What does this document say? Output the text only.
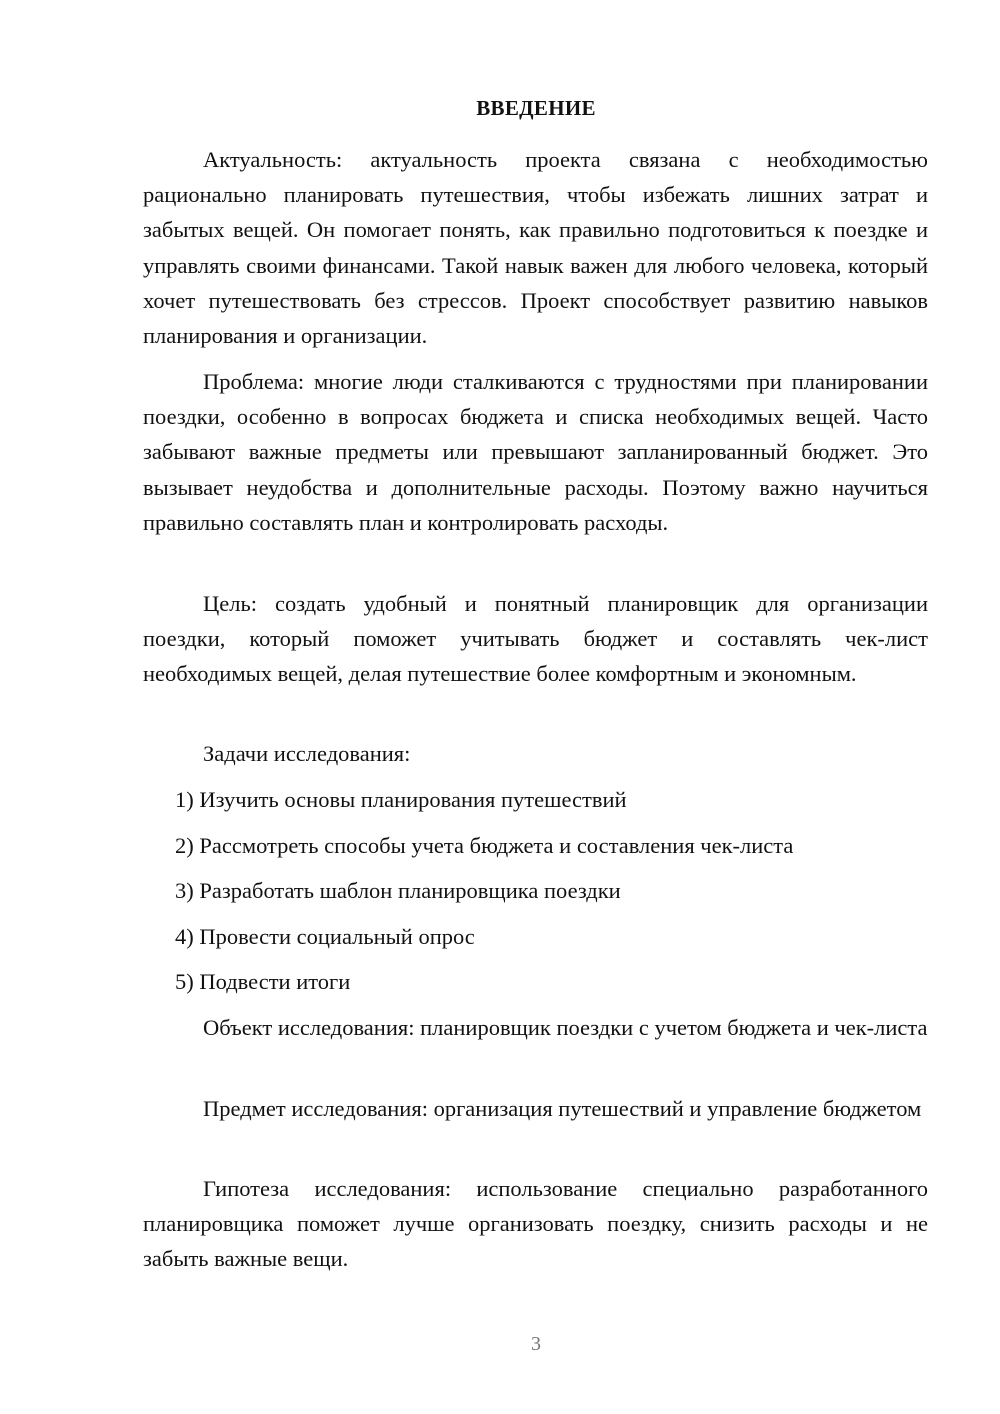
ВВЕДЕНИЕ

Актуальность: актуальность проекта связана с необходимостью рационально планировать путешествия, чтобы избежать лишних затрат и забытых вещей. Он помогает понять, как правильно подготовиться к поездке и управлять своими финансами. Такой навык важен для любого человека, который хочет путешествовать без стрессов. Проект способствует развитию навыков планирования и организации.

Проблема: многие люди сталкиваются с трудностями при планировании поездки, особенно в вопросах бюджета и списка необходимых вещей. Часто забывают важные предметы или превышают запланированный бюджет. Это вызывает неудобства и дополнительные расходы. Поэтому важно научиться правильно составлять план и контролировать расходы.

Цель: создать удобный и понятный планировщик для организации поездки, который поможет учитывать бюджет и составлять чек-лист необходимых вещей, делая путешествие более комфортным и экономным.

Задачи исследования:

1) Изучить основы планирования путешествий
2) Рассмотреть способы учета бюджета и составления чек-листа
3) Разработать шаблон планировщика поездки
4) Провести социальный опрос
5) Подвести итоги

Объект исследования: планировщик поездки с учетом бюджета и чек-листа

Предмет исследования: организация путешествий и управление бюджетом

Гипотеза исследования: использование специально разработанного планировщика поможет лучше организовать поездку, снизить расходы и не забыть важные вещи.

3
